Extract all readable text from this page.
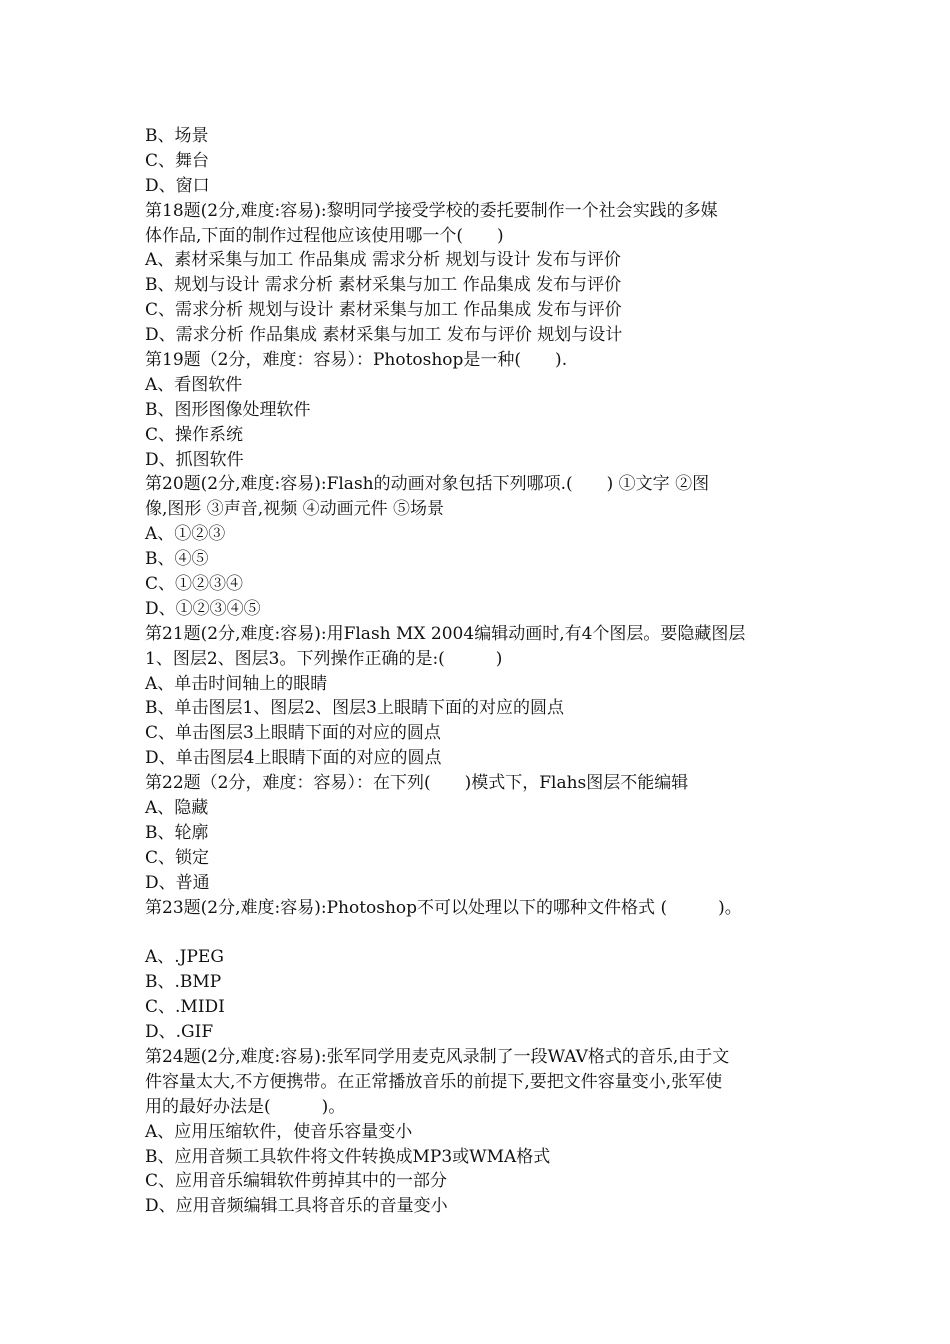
B、场景
C、舞台
D、窗口
第18题(2分,难度:容易):黎明同学接受学校的委托要制作一个社会实践的多媒
体作品,下面的制作过程他应该使用哪一个(　　)
A、素材采集与加工 作品集成 需求分析 规划与设计 发布与评价
B、规划与设计 需求分析 素材采集与加工 作品集成 发布与评价
C、需求分析 规划与设计 素材采集与加工 作品集成 发布与评价
D、需求分析 作品集成 素材采集与加工 发布与评价 规划与设计
第19题（2分，难度：容易）：Photoshop是一种(　　).
A、看图软件
B、图形图像处理软件
C、操作系统
D、抓图软件
第20题(2分,难度:容易):Flash的动画对象包括下列哪项.(　　) ①文字 ②图
像,图形 ③声音,视频 ④动画元件 ⑤场景
A、①②③
B、④⑤
C、①②③④
D、①②③④⑤
第21题(2分,难度:容易):用Flash MX 2004编辑动画时,有4个图层。要隐藏图层
1、图层2、图层3。下列操作正确的是:(　　　)
A、单击时间轴上的眼睛
B、单击图层1、图层2、图层3上眼睛下面的对应的圆点
C、单击图层3上眼睛下面的对应的圆点
D、单击图层4上眼睛下面的对应的圆点
第22题（2分，难度：容易）：在下列(　　)模式下，Flahs图层不能编辑
A、隐藏
B、轮廓
C、锁定
D、普通
第23题(2分,难度:容易):Photoshop不可以处理以下的哪种文件格式 (　　　)。
A、.JPEG
B、.BMP
C、.MIDI
D、.GIF
第24题(2分,难度:容易):张军同学用麦克风录制了一段WAV格式的音乐,由于文
件容量太大,不方便携带。在正常播放音乐的前提下,要把文件容量变小,张军使
用的最好办法是(　　　)。
A、应用压缩软件，使音乐容量变小
B、应用音频工具软件将文件转换成MP3或WMA格式
C、应用音乐编辑软件剪掉其中的一部分
D、应用音频编辑工具将音乐的音量变小
